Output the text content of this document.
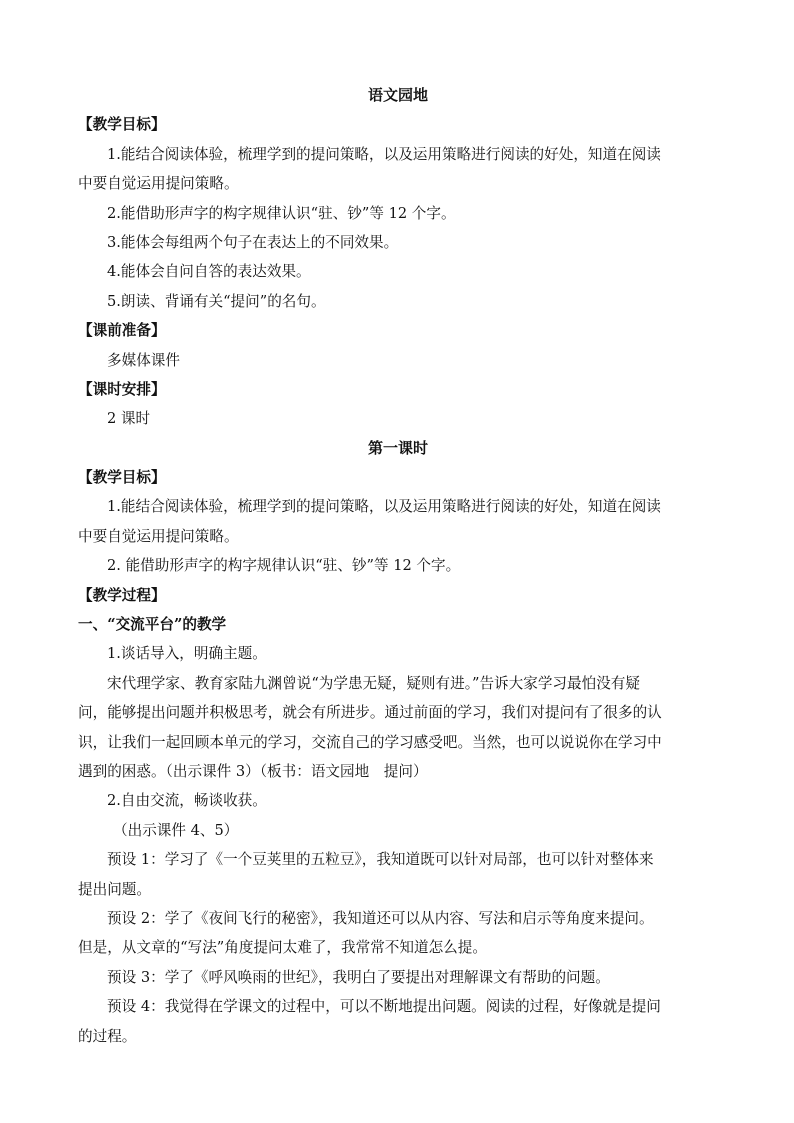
语文园地
【教学目标】
1.能结合阅读体验，梳理学到的提问策略，以及运用策略进行阅读的好处，知道在阅读
中要自觉运用提问策略。
2.能借助形声字的构字规律认识“驻、钞”等 12 个字。
3.能体会每组两个句子在表达上的不同效果。
4.能体会自问自答的表达效果。
5.朗读、背诵有关“提问”的名句。
【课前准备】
多媒体课件
【课时安排】
2 课时
第一课时
【教学目标】
1.能结合阅读体验，梳理学到的提问策略，以及运用策略进行阅读的好处，知道在阅读
中要自觉运用提问策略。
2. 能借助形声字的构字规律认识“驻、钞”等 12 个字。
【教学过程】
一、“交流平台”的教学
1.谈话导入，明确主题。
宋代理学家、教育家陆九渊曾说“为学患无疑，疑则有进。”告诉大家学习最怕没有疑
问，能够提出问题并积极思考，就会有所进步。通过前面的学习，我们对提问有了很多的认
识，让我们一起回顾本单元的学习，交流自己的学习感受吧。当然，也可以说说你在学习中
遇到的困惑。（出示课件 3）（板书：语文园地　提问）
2.自由交流，畅谈收获。
（出示课件 4、5）
预设 1：学习了《一个豆荚里的五粒豆》，我知道既可以针对局部，也可以针对整体来
提出问题。
预设 2：学了《夜间飞行的秘密》，我知道还可以从内容、写法和启示等角度来提问。
但是，从文章的“写法”角度提问太难了，我常常不知道怎么提。
预设 3：学了《呼风唤雨的世纪》，我明白了要提出对理解课文有帮助的问题。
预设 4：我觉得在学课文的过程中，可以不断地提出问题。阅读的过程，好像就是提问
的过程。
